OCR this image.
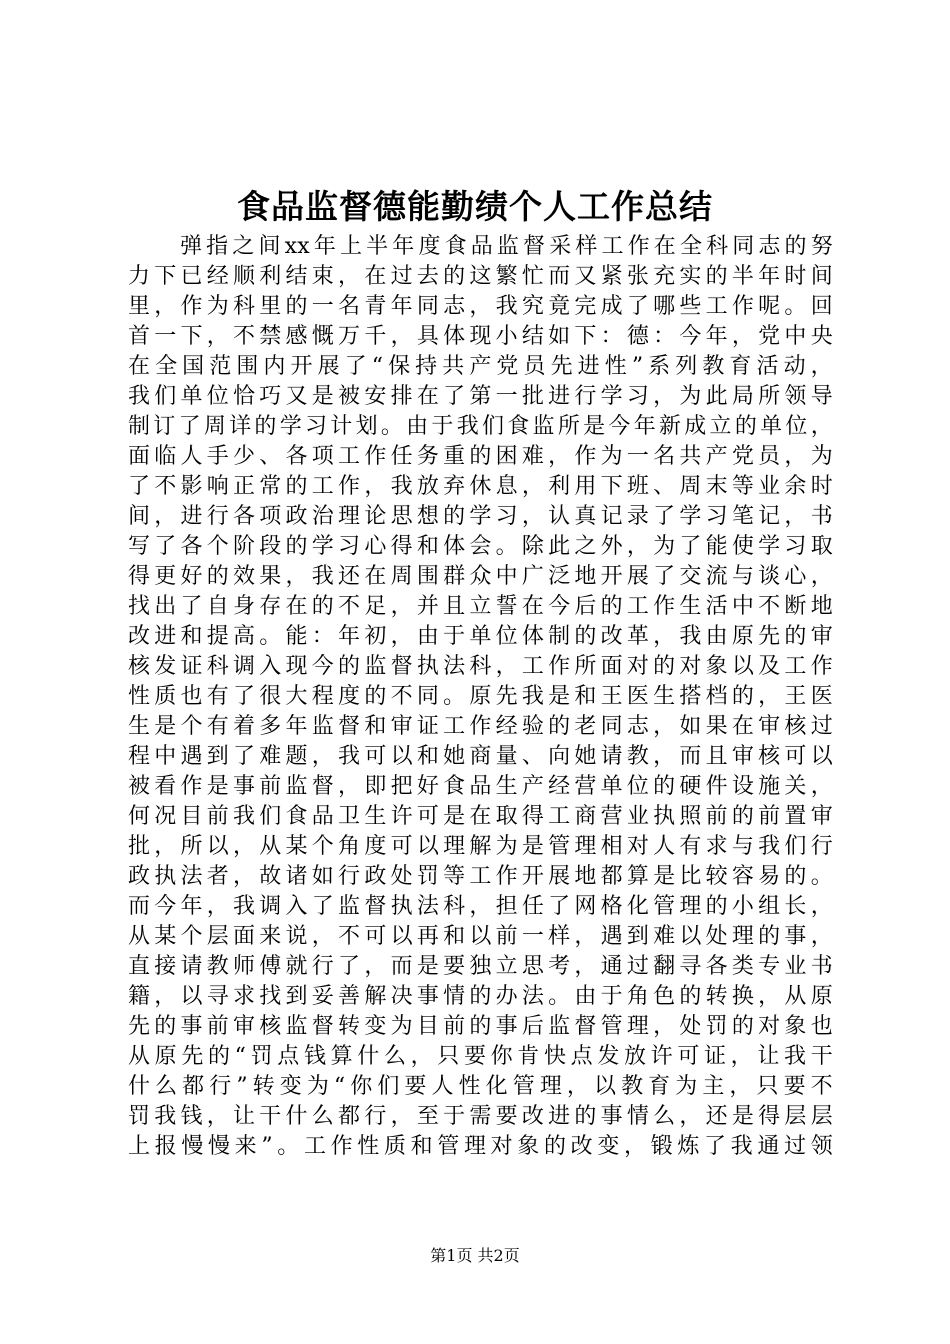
食品监督德能勤绩个人工作总结
弹指之间xx年上半年度食品监督采样工作在全科同志的努
力下已经顺利结束，在过去的这繁忙而又紧张充实的半年时间
里，作为科里的一名青年同志，我究竟完成了哪些工作呢。回
首一下，不禁感慨万千，具体现小结如下：德：今年，党中央
在全国范围内开展了“保持共产党员先进性”系列教育活动，
我们单位恰巧又是被安排在了第一批进行学习，为此局所领导
制订了周详的学习计划。由于我们食监所是今年新成立的单位，
面临人手少、各项工作任务重的困难，作为一名共产党员，为
了不影响正常的工作，我放弃休息，利用下班、周末等业余时
间，进行各项政治理论思想的学习，认真记录了学习笔记，书
写了各个阶段的学习心得和体会。除此之外，为了能使学习取
得更好的效果，我还在周围群众中广泛地开展了交流与谈心，
找出了自身存在的不足，并且立誓在今后的工作生活中不断地
改进和提高。能：年初，由于单位体制的改革，我由原先的审
核发证科调入现今的监督执法科，工作所面对的对象以及工作
性质也有了很大程度的不同。原先我是和王医生搭档的，王医
生是个有着多年监督和审证工作经验的老同志，如果在审核过
程中遇到了难题，我可以和她商量、向她请教，而且审核可以
被看作是事前监督，即把好食品生产经营单位的硬件设施关，
何况目前我们食品卫生许可是在取得工商营业执照前的前置审
批，所以，从某个角度可以理解为是管理相对人有求与我们行
政执法者，故诸如行政处罚等工作开展地都算是比较容易的。
而今年，我调入了监督执法科，担任了网格化管理的小组长，
从某个层面来说，不可以再和以前一样，遇到难以处理的事，
直接请教师傅就行了，而是要独立思考，通过翻寻各类专业书
籍，以寻求找到妥善解决事情的办法。由于角色的转换，从原
先的事前审核监督转变为目前的事后监督管理，处罚的对象也
从原先的“罚点钱算什么，只要你肯快点发放许可证，让我干
什么都行”转变为“你们要人性化管理，以教育为主，只要不
罚我钱，让干什么都行，至于需要改进的事情么，还是得层层
上报慢慢来”。工作性质和管理对象的改变，锻炼了我通过领
第1页 共2页
